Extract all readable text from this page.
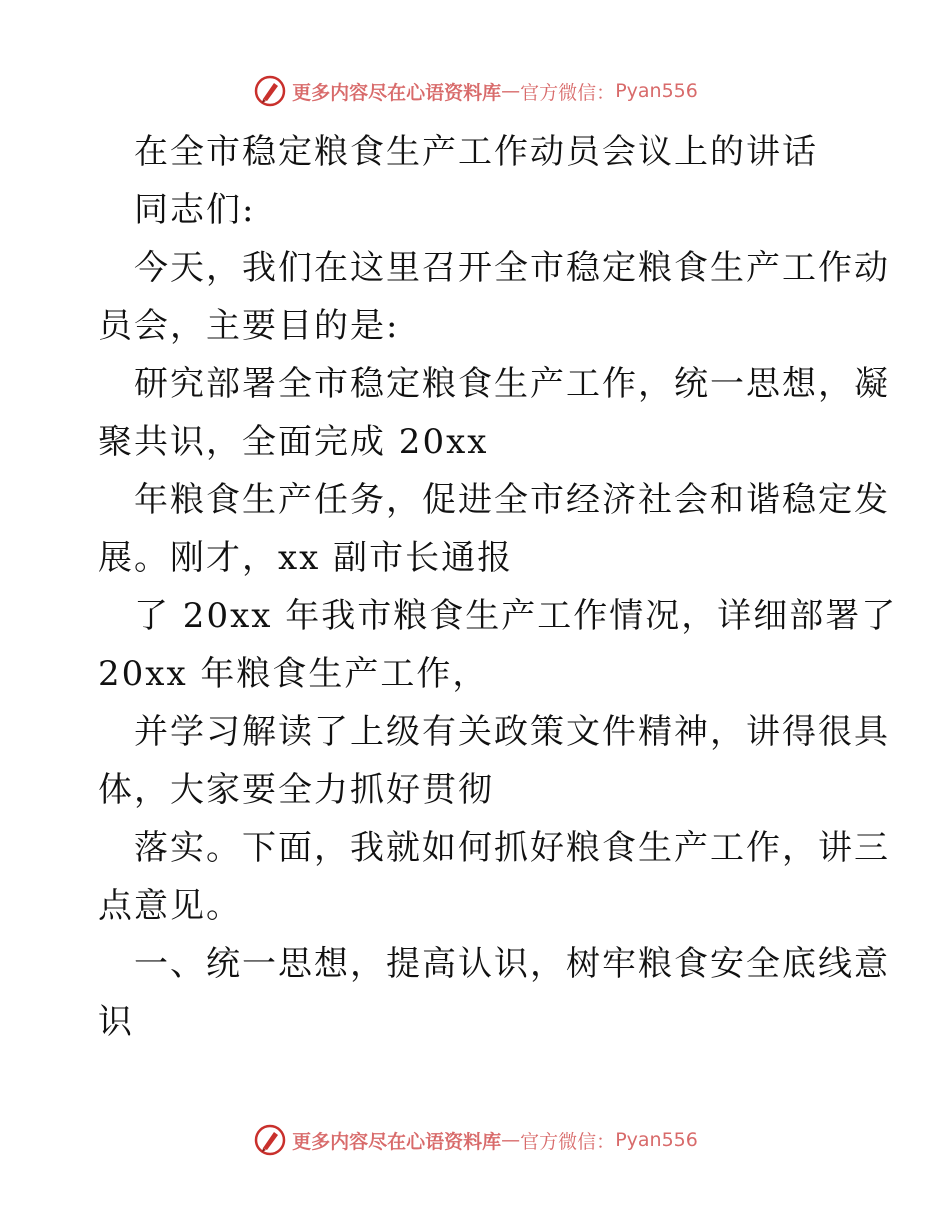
更多内容尽在心语资料库 — 官方微信： Pyan556
在全市稳定粮食生产工作动员会议上的讲话
同志们:
今天，我们在这里召开全市稳定粮食生产工作动
员会，主要目的是:
研究部署全市稳定粮食生产工作，统一思想，凝
聚共识，全面完成 20xx
年粮食生产任务，促进全市经济社会和谐稳定发
展。刚才，xx 副市长通报
了 20xx 年我市粮食生产工作情况，详细部署了
20xx 年粮食生产工作，
并学习解读了上级有关政策文件精神，讲得很具
体，大家要全力抓好贯彻
落实。下面，我就如何抓好粮食生产工作，讲三
点意见。
一、统一思想，提高认识，树牢粮食安全底线意
识
更多内容尽在心语资料库 — 官方微信： Pyan556
